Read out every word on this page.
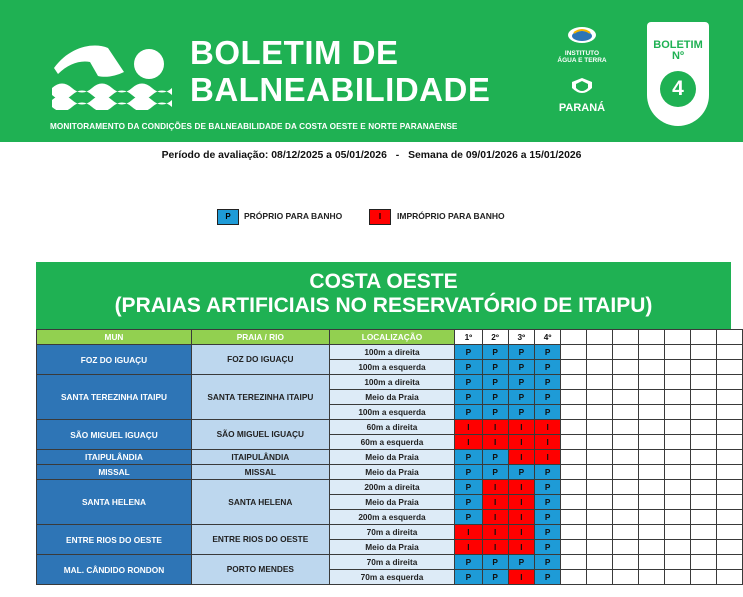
BOLETIM DE
BALNEABILIDADE
MONITORAMENTO DA CONDIÇÕES DE BALNEABILIDADE DA COSTA OESTE E NORTE PARANAENSE
INSTITUTO
ÁGUA E TERRA
PARANÁ
BOLETIM
Nº
4
Período de avaliação: 08/12/2025 a 05/01/2026 - Semana de 09/01/2026 a 15/01/2026
P	PRÓPRIO PARA BANHO	I	IMPRÓPRIO PARA BANHO
COSTA OESTE
(PRAIAS ARTIFICIAIS NO RESERVATÓRIO DE ITAIPU)
MUN	PRAIA / RIO	LOCALIZAÇÃO	1º	2º	3º	4º							
FOZ DO IGUAÇU	FOZ DO IGUAÇU	100m a direita	P	P	P	P							
		100m a esquerda	P	P	P	P							
SANTA TEREZINHA ITAIPU	SANTA TEREZINHA ITAIPU	100m a direita	P	P	P	P							
		Meio da Praia	P	P	P	P							
		100m a esquerda	P	P	P	P							
SÃO MIGUEL IGUAÇU	SÃO MIGUEL IGUAÇU	60m a direita	I	I	I	I							
		60m a esquerda	I	I	I	I							
ITAIPULÂNDIA	ITAIPULÂNDIA	Meio da Praia	P	P	I	I							
MISSAL	MISSAL	Meio da Praia	P	P	P	P							
SANTA HELENA	SANTA HELENA	200m a direita	P	I	I	P							
		Meio da Praia	P	I	I	P							
		200m a esquerda	P	I	I	P							
ENTRE RIOS DO OESTE	ENTRE RIOS DO OESTE	70m a direita	I	I	I	P							
		Meio da Praia	I	I	I	P							
MAL. CÂNDIDO RONDON	PORTO MENDES	70m a direita	P	P	P	P							
		70m a esquerda	P	P	I	P							
